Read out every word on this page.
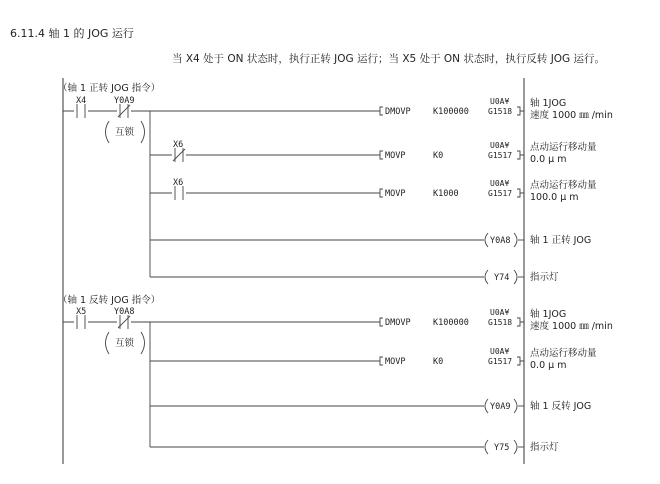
6.11.4 轴 1 的 JOG 运行
当 X4 处于 ON 状态时，执行正转 JOG 运行；当 X5 处于 ON 状态时，执行反转 JOG 运行。
（轴 1 正转 JOG 指令）
X4	Y0A9
互锁
DMOVP	K100000
U0A¥
G1518
轴 1JOG
速度 1000 ㎜ /min
X6
MOVP	K0
U0A¥
G1517
点动运行移动量
0.0 μ m
X6
MOVP	K1000
U0A¥
G1517
点动运行移动量
100.0 μ m
Y0A8 轴 1 正转 JOG
Y74 指示灯
（轴 1 反转 JOG 指令）
X5	Y0A8
互锁
DMOVP	K100000
U0A¥
G1518
轴 1JOG
速度 1000 ㎜ /min
MOVP	K0
U0A¥
G1517
点动运行移动量
0.0 μ m
Y0A9 轴 1 反转 JOG
Y75 指示灯
